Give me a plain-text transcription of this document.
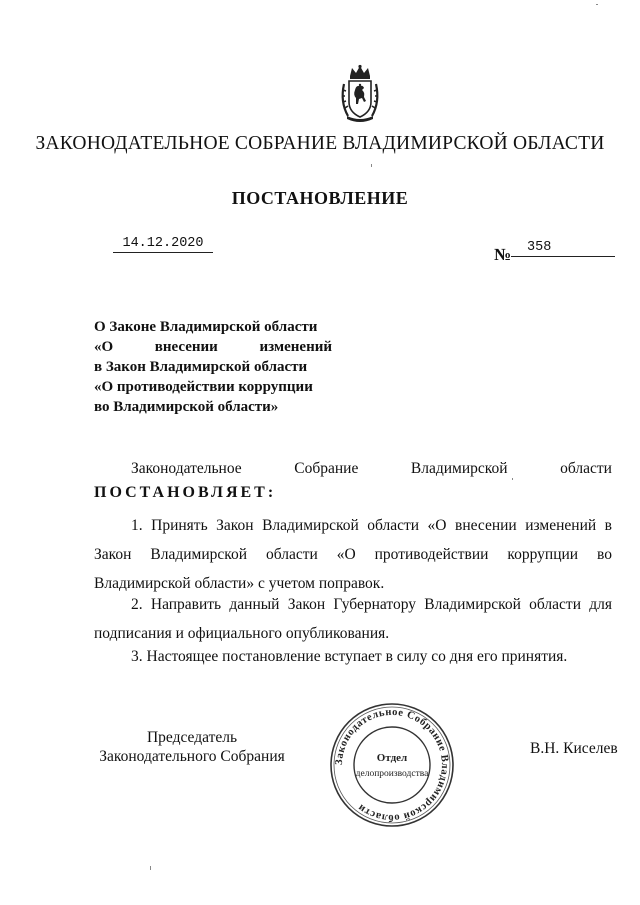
ЗАКОНОДАТЕЛЬНОЕ СОБРАНИЕ ВЛАДИМИРСКОЙ ОБЛАСТИ
ПОСТАНОВЛЕНИЕ
14.12.2020
№	358
О Законе Владимирской области
«О	внесении	изменений
в Закон Владимирской области
«О противодействии коррупции
во Владимирской области»
Законодательное	Собрание	Владимирской	области
ПОСТАНОВЛЯЕТ:
1. Принять Закон Владимирской области «О внесении изменений в Закон Владимирской области «О противодействии коррупции во Владимирской области» с учетом поправок.
2. Направить данный Закон Губернатору Владимирской области для подписания и официального опубликования.
3. Настоящее постановление вступает в силу со дня его принятия.
Председатель
Законодательного Собрания	Законодательное Собрание Владимирской области
Отдел
делопроизводства
В.Н. Киселев
